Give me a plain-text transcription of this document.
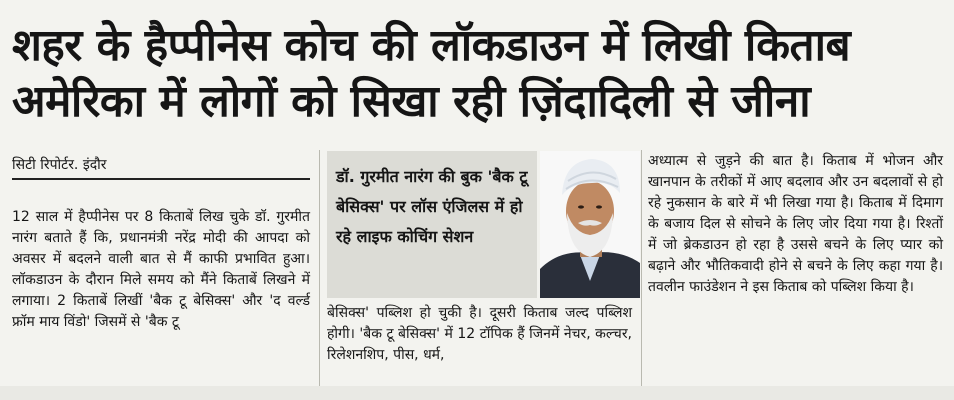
शहर के हैप्पीनेस कोच की लॉकडाउन में लिखी किताब
अमेरिका में लोगों को सिखा रही ज़िंदादिली से जीना
सिटी रिपोर्टर. इंदौर

12 साल में हैप्पीनेस पर 8 किताबें लिख चुके डॉ. गुरमीत नारंग बताते हैं कि, प्रधानमंत्री नरेंद्र मोदी की आपदा को अवसर में बदलने वाली बात से मैं काफी प्रभावित हुआ। लॉकडाउन के दौरान मिले समय को मैंने किताबें लिखने में लगाया। 2 किताबें लिखीं 'बैक टू बेसिक्स' और 'द वर्ल्ड फ्रॉम माय विंडो' जिसमें से 'बैक टू

डॉ. गुरमीत नारंग की बुक 'बैक टू बेसिक्स' पर लॉस एंजिलस में हो रहे लाइफ कोचिंग सेशन

बेसिक्स' पब्लिश हो चुकी है। दूसरी किताब जल्द पब्लिश होगी। 'बैक टू बेसिक्स' में 12 टॉपिक हैं जिनमें नेचर, कल्चर, रिलेशनशिप, पीस, धर्म,

अध्यात्म से जुड़ने की बात है। किताब में भोजन और खानपान के तरीकों में आए बदलाव और उन बदलावों से हो रहे नुकसान के बारे में भी लिखा गया है। किताब में दिमाग के बजाय दिल से सोचने के लिए जोर दिया गया है। रिश्तों में जो ब्रेकडाउन हो रहा है उससे बचने के लिए प्यार को बढ़ाने और भौतिकवादी होने से बचने के लिए कहा गया है। तवलीन फाउंडेशन ने इस किताब को पब्लिश किया है।
